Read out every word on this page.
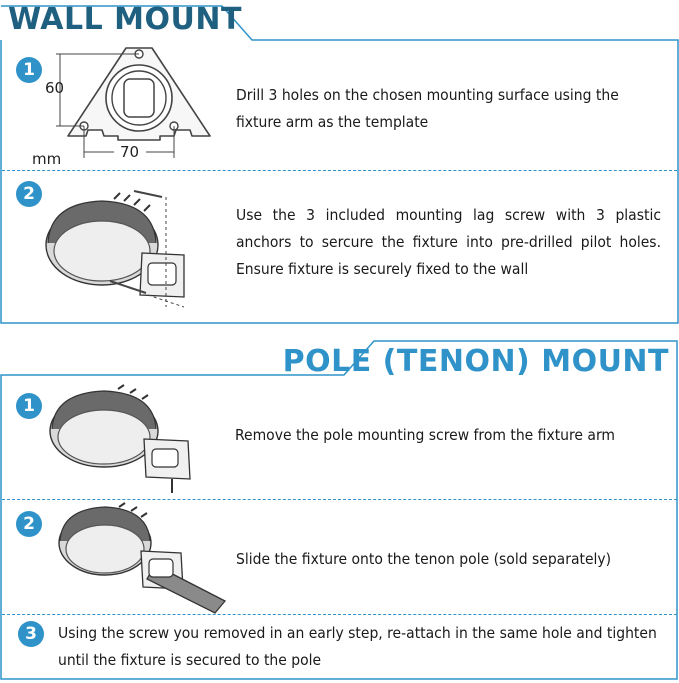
WALL MOUNT
1
60
70
mm
Drill 3 holes on the chosen mounting surface using the fixture arm as the template
2
Use the 3 included mounting lag screw with 3 plastic anchors to sercure the fixture into pre-drilled pilot holes. Ensure fixture is securely fixed to the wall
POLE (TENON) MOUNT
1
Remove the pole mounting screw from the fixture arm
2
Slide the fixture onto the tenon pole (sold separately)
3	Using the screw you removed in an early step, re-attach in the same hole and tighten until the fixture is secured to the pole
